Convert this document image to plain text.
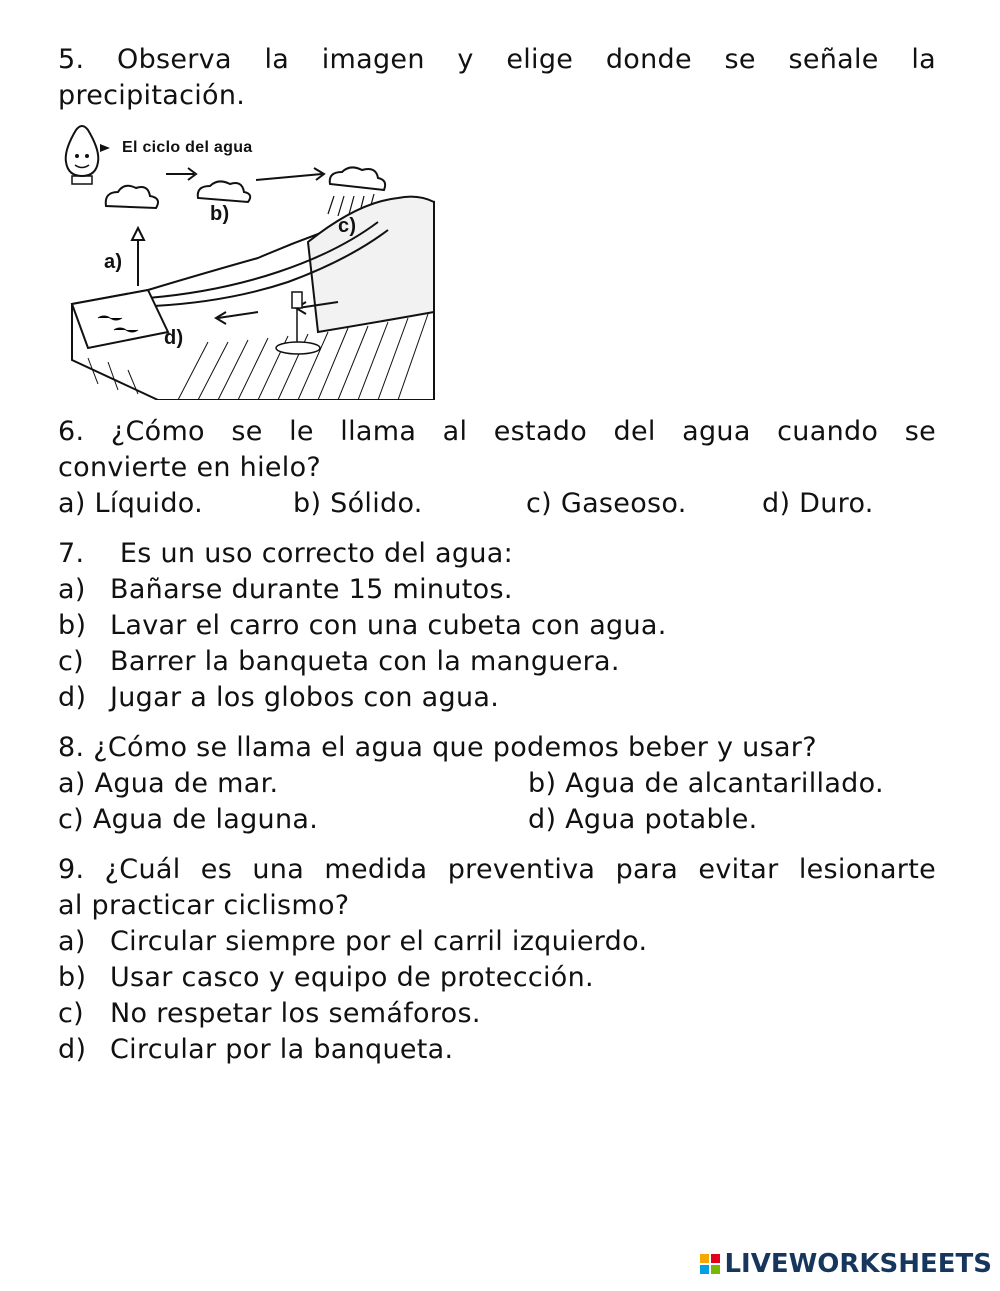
5. Observa la imagen y elige donde se señale la
precipitación.
El ciclo del agua
b)
c)
a)
d)
6. ¿Cómo se le llama al estado del agua cuando se
convierte en hielo?
a) Líquido.	b) Sólido.	c) Gaseoso.	d) Duro.
7.    Es un uso correcto del agua:
a) Bañarse durante 15 minutos.
b) Lavar el carro con una cubeta con agua.
c) Barrer la banqueta con la manguera.
d) Jugar a los globos con agua.
8. ¿Cómo se llama el agua que podemos beber y usar?
a) Agua de mar.	b) Agua de alcantarillado.
c) Agua de laguna.	d) Agua potable.
9. ¿Cuál es una medida preventiva para evitar lesionarte
al practicar ciclismo?
a) Circular siempre por el carril izquierdo.
b) Usar casco y equipo de protección.
c) No respetar los semáforos.
d) Circular por la banqueta.
LIVEWORKSHEETS
